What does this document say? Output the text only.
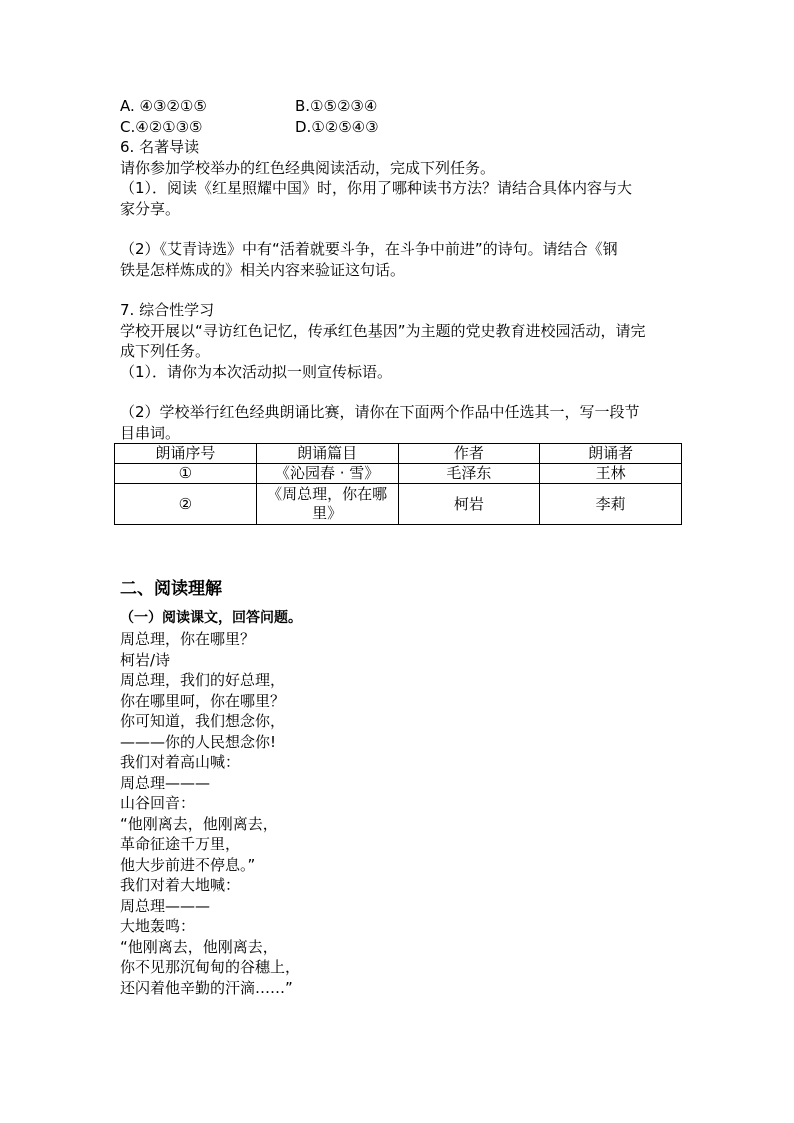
A. ④③②①⑤	B.①⑤②③④
C.④②①③⑤	D.①②⑤④③
6. 名著导读
请你参加学校举办的红色经典阅读活动，完成下列任务。
（1）．阅读《红星照耀中国》时，你用了哪种读书方法？请结合具体内容与大
家分享。
（2）《艾青诗选》中有“活着就要斗争，在斗争中前进”的诗句。请结合《钢
铁是怎样炼成的》相关内容来验证这句话。
7. 综合性学习
学校开展以“寻访红色记忆，传承红色基因”为主题的党史教育进校园活动，请完
成下列任务。
（1）．请你为本次活动拟一则宣传标语。
（2）学校举行红色经典朗诵比赛，请你在下面两个作品中任选其一，写一段节
目串词。
朗诵序号	朗诵篇目	作者	朗诵者
①	《沁园春 · 雪》	毛泽东	王林
②	《周总理，你在哪
里》	柯岩	李莉
二、阅读理解
（一）阅读课文，回答问题。
周总理，你在哪里？
柯岩/诗
周总理，我们的好总理，
你在哪里呵，你在哪里？
你可知道，我们想念你，
———你的人民想念你!
我们对着高山喊：
周总理———
山谷回音：
“他刚离去，他刚离去，
革命征途千万里，
他大步前进不停息。”
我们对着大地喊：
周总理———
大地轰鸣：
“他刚离去，他刚离去，
你不见那沉甸甸的谷穗上，
还闪着他辛勤的汗滴……”
